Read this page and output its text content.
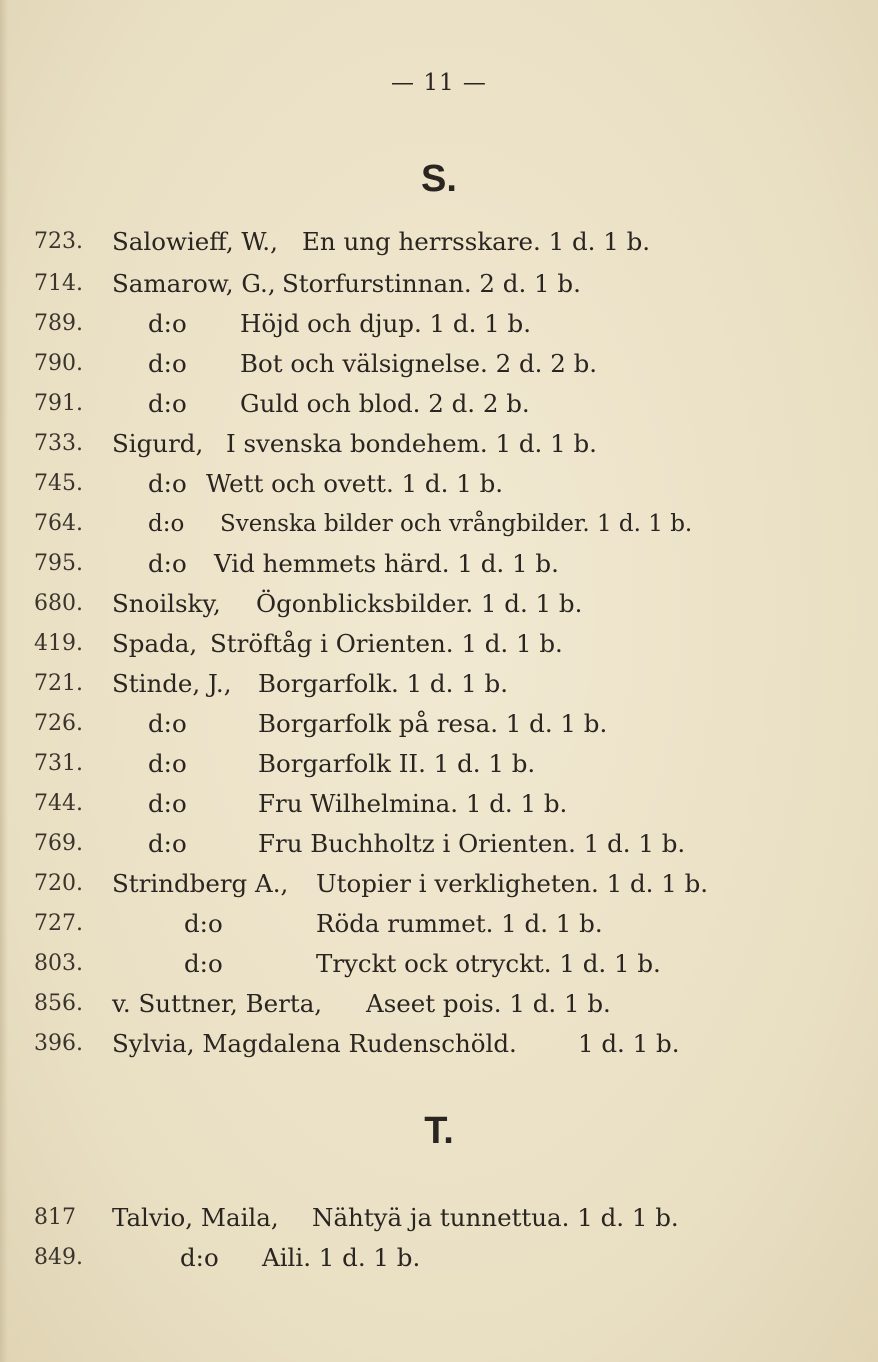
— 11 —
S.
723.	Salowieff, W., En ung herrsskare. 1 d. 1 b.
714.	Samarow, G., Storfurstinnan. 2 d. 1 b.
789.	d:o Höjd och djup. 1 d. 1 b.
790.	d:o Bot och välsignelse. 2 d. 2 b.
791.	d:o Guld och blod. 2 d. 2 b.
733.	Sigurd, I svenska bondehem. 1 d. 1 b.
745.	d:o Wett och ovett. 1 d. 1 b.
764.	d:o Svenska bilder och vrångbilder. 1 d. 1 b.
795.	d:o Vid hemmets härd. 1 d. 1 b.
680.	Snoilsky, Ögonblicksbilder. 1 d. 1 b.
419.	Spada, Ströftåg i Orienten. 1 d. 1 b.
721.	Stinde, J., Borgarfolk. 1 d. 1 b.
726.	d:o	Borgarfolk på resa. 1 d. 1 b.
731.	d:o	Borgarfolk II. 1 d. 1 b.
744.	d:o	Fru Wilhelmina. 1 d. 1 b.
769.	d:o	Fru Buchholtz i Orienten. 1 d. 1 b.
720.	Strindberg A., Utopier i verkligheten. 1 d. 1 b.
727.	d:o	Röda rummet. 1 d. 1 b.
803.	d:o	Tryckt ock otryckt. 1 d. 1 b.
856.	v. Suttner, Berta, Aseet pois. 1 d. 1 b.
396.	Sylvia, Magdalena Rudenschöld. 1 d. 1 b.
T.
817	Talvio, Maila, Nähtyä ja tunnettua. 1 d. 1 b.
849.	d:o Aili. 1 d. 1 b.
